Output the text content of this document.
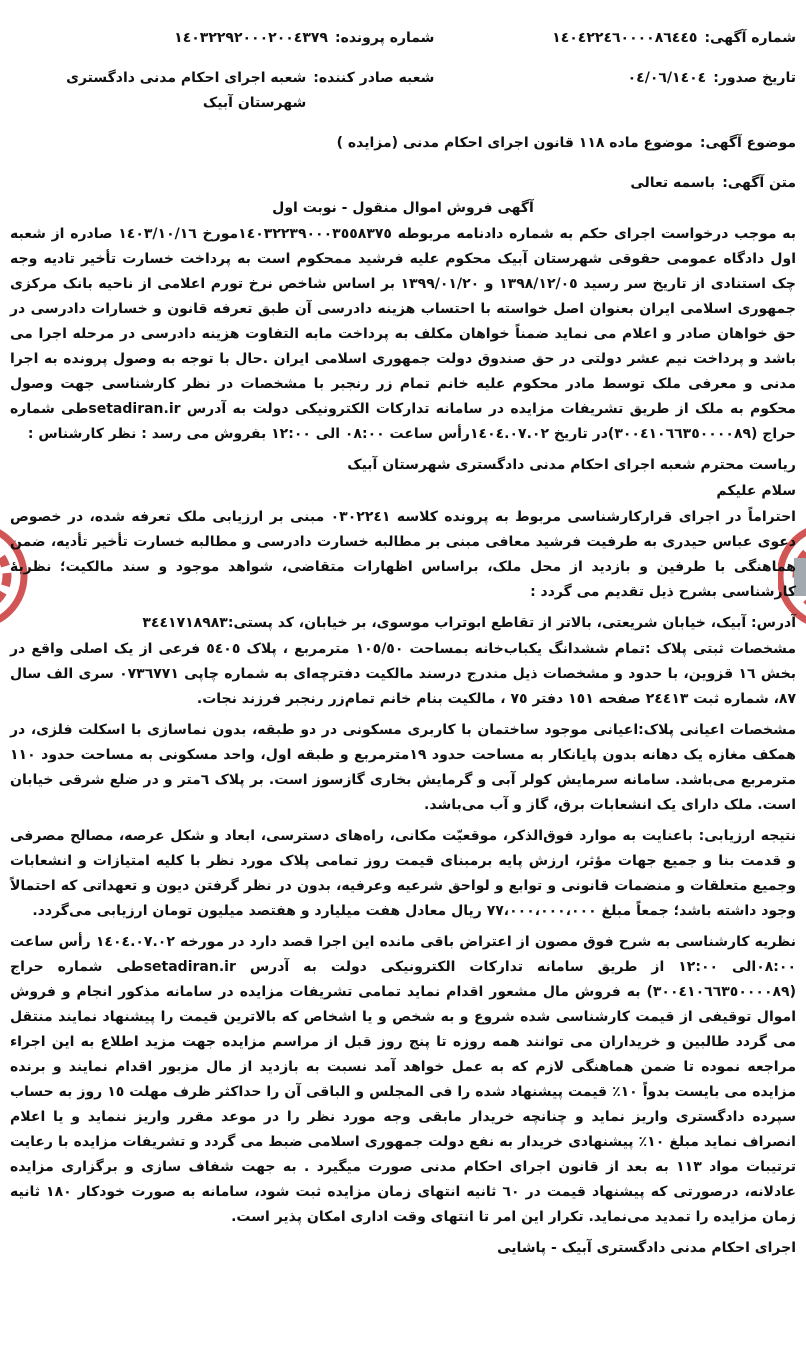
شماره آگهی:
۱٤۰٤۲۲٤٦۰۰۰۰۸٦٤٤٥
شماره پرونده:
۱٤۰۳۲۲۹۲۰۰۰۲۰۰٤۳۷۹
تاریخ صدور:
۱٤۰٤/۰٦/۰٤
شعبه صادر کننده:
شعبه اجرای احکام مدنی دادگستری شهرستان آبیک
موضوع آگهی:
موضوع ماده ۱۱۸ قانون اجرای احکام مدنی (مزایده )
متن آگهی:
باسمه تعالی
آگهی فروش اموال منقول - نوبت اول

به موجب درخواست اجرای حکم به شماره دادنامه مربوطه ۱٤۰۳۲۲۳۹۰۰۰۳٥٥۸۳۷٥مورخ ۱٤۰۳/۱۰/۱٦ صادره از شعبه اول دادگاه عمومی حقوقی شهرستان آبیک محکوم علیه فرشید ممحکوم است به پرداخت خسارت تأخیر تادیه وجه چک استنادی از تاریخ سر رسید ۱۳۹۸/۱۲/۰٥ و ۱۳۹۹/۰۱/۲۰ بر اساس شاخص نرخ تورم اعلامی از ناحیه بانک مرکزی جمهوری اسلامی ایران بعنوان اصل خواسته با احتساب هزینه دادرسی آن طبق تعرفه قانون و خسارات دادرسی در حق خواهان صادر و اعلام می نماید ضمناً خواهان مکلف به پرداخت مابه التفاوت هزینه دادرسی در مرحله اجرا می باشد و پرداخت نیم عشر دولتی در حق صندوق دولت جمهوری اسلامی ایران .حال با توجه به وصول پرونده به اجرا مدنی و معرفی ملک توسط مادر محکوم علیه خانم تمام زر رنجبر با مشخصات در نظر کارشناسی جهت وصول محکوم به ملک از طریق تشریفات مزایده در سامانه تدارکات الکترونیکی دولت به آدرس setadiran.irطی شماره حراج (۳۰۰٤۱۰٦٦۳٥۰۰۰۰۸۹)در تاریخ ۱٤۰٤.۰۷.۰۲رأس ساعت ۰۸:۰۰ الی ۱۲:۰۰ بفروش می رسد : نظر کارشناس :

ریاست محترم شعبه اجرای احکام مدنی دادگستری شهرستان آبیک

سلام علیکم

احتراماً در اجرای قرارکارشناسی مربوط به پرونده کلاسه ۰۳۰۲۲٤۱ مبنی بر ارزیابی ملک تعرفه شده، در خصوص دعوی عباس حیدری به طرفیت فرشید معافی مبنی بر مطالبه خسارت دادرسی و مطالبه خسارت تأخیر تأدیه، ضمن هماهنگی با طرفین و بازدید از محل ملک، براساس اظهارات متقاضی، شواهد موجود و سند مالکیت؛ نظریهٔ کارشناسی بشرح ذیل تقدیم می گردد :

آدرس: آبیک، خیابان شریعتی، بالاتر از تقاطع ابوتراب موسوی، بر خیابان، کد پستی:۳٤٤۱۷۱۸۹۸۳

مشخصات ثبتی پلاک :تمام ششدانگ یکباب‌خانه بمساحت ۱۰٥/٥۰ مترمربع ، پلاک ٥٤۰٥ فرعی از یک اصلی واقع در بخش ۱٦ قزوین، با حدود و مشخصات ذیل مندرج درسند مالکیت دفترچه‌ای به شماره چاپی ۰۷۳٦۷۷۱ سری الف سال ۸۷، شماره ثبت ۲٤٤۱۳ صفحه ۱٥۱ دفتر ۷٥ ، مالکیت بنام خانم تمام‌زر رنجبر فرزند نجات.

مشخصات اعیانی پلاک:اعیانی موجود ساختمان با کاربری مسکونی در دو طبقه، بدون نماسازی با اسکلت فلزی، در همکف مغازه یک دهانه بدون پایانکار به مساحت حدود ۱۹مترمربع و طبقه اول، واحد مسکونی به مساحت حدود ۱۱۰ مترمربع می‌باشد. سامانه سرمایش کولر آبی و گرمایش بخاری گازسوز است. بر پلاک ٦متر و در ضلع شرقی خیابان است. ملک دارای یک انشعابات برق، گاز و آب می‌باشد.

نتیجه ارزیابی: باعنایت به موارد فوق‌الذکر، موقعیّت مکانی، راه‌های دسترسی، ابعاد و شکل عرصه، مصالح مصرفی و قدمت بنا و جمیع جهات مؤثر، ارزش پایه برمبنای قیمت روز تمامی پلاک مورد نظر با کلیه امتیازات و انشعابات وجمیع متعلقات و منضمات قانونی و توابع و لواحق شرعیه وعرفیه، بدون در نظر گرفتن دیون و تعهداتی که احتمالاً وجود داشته باشد؛ جمعاً مبلغ ۷۷،۰۰۰،۰۰۰،۰۰۰ ریال معادل هفت میلیارد و هفتصد میلیون تومان ارزیابی می‌گردد.

نظریه کارشناسی به شرح فوق مصون از اعتراض باقی مانده این اجرا قصد دارد در مورخه ۱٤۰٤.۰۷.۰۲ رأس ساعت ۰۸:۰۰الی ۱۲:۰۰ از طریق سامانه تدارکات الکترونیکی دولت به آدرس setadiran.irطی شماره حراج (۳۰۰٤۱۰٦٦۳٥۰۰۰۰۸۹) به فروش مال مشعور اقدام نماید تمامی تشریفات مزایده در سامانه مذکور انجام و فروش اموال توقیفی از قیمت کارشناسی شده شروع و به شخص و یا اشخاص که بالاترین قیمت را پیشنهاد نمایند منتقل می گردد طالبین و خریداران می توانند همه روزه تا پنج روز قبل از مراسم مزایده جهت مزید اطلاع به این اجراء مراجعه نموده تا ضمن هماهنگی لازم که به عمل خواهد آمد نسبت به بازدید از مال مزبور اقدام نمایند و برنده مزایده می بایست بدواً ۱۰٪ قیمت پیشنهاد شده را فی المجلس و الباقی آن را حداکثر ظرف مهلت ۱٥ روز به حساب سپرده دادگستری واریز نماید و چنانچه خریدار مابقی وجه مورد نظر را در موعد مقرر واریز ننماید و یا اعلام انصراف نماید مبلغ ۱۰٪ پیشنهادی خریدار به نفع دولت جمهوری اسلامی ضبط می گردد و تشریفات مزایده با رعایت ترتیبات مواد ۱۱۳ به بعد از قانون اجرای احکام مدنی صورت میگیرد . به جهت شفاف سازی و برگزاری مزایده عادلانه، درصورتی که پیشنهاد قیمت در ٦۰ ثانیه انتهای زمان مزایده ثبت شود، سامانه به صورت خودکار ۱۸۰ ثانیه زمان مزایده را تمدید می‌نماید. تکرار این امر تا انتهای وقت اداری امکان پذیر است.

اجرای احکام مدنی دادگستری آبیک - پاشایی
